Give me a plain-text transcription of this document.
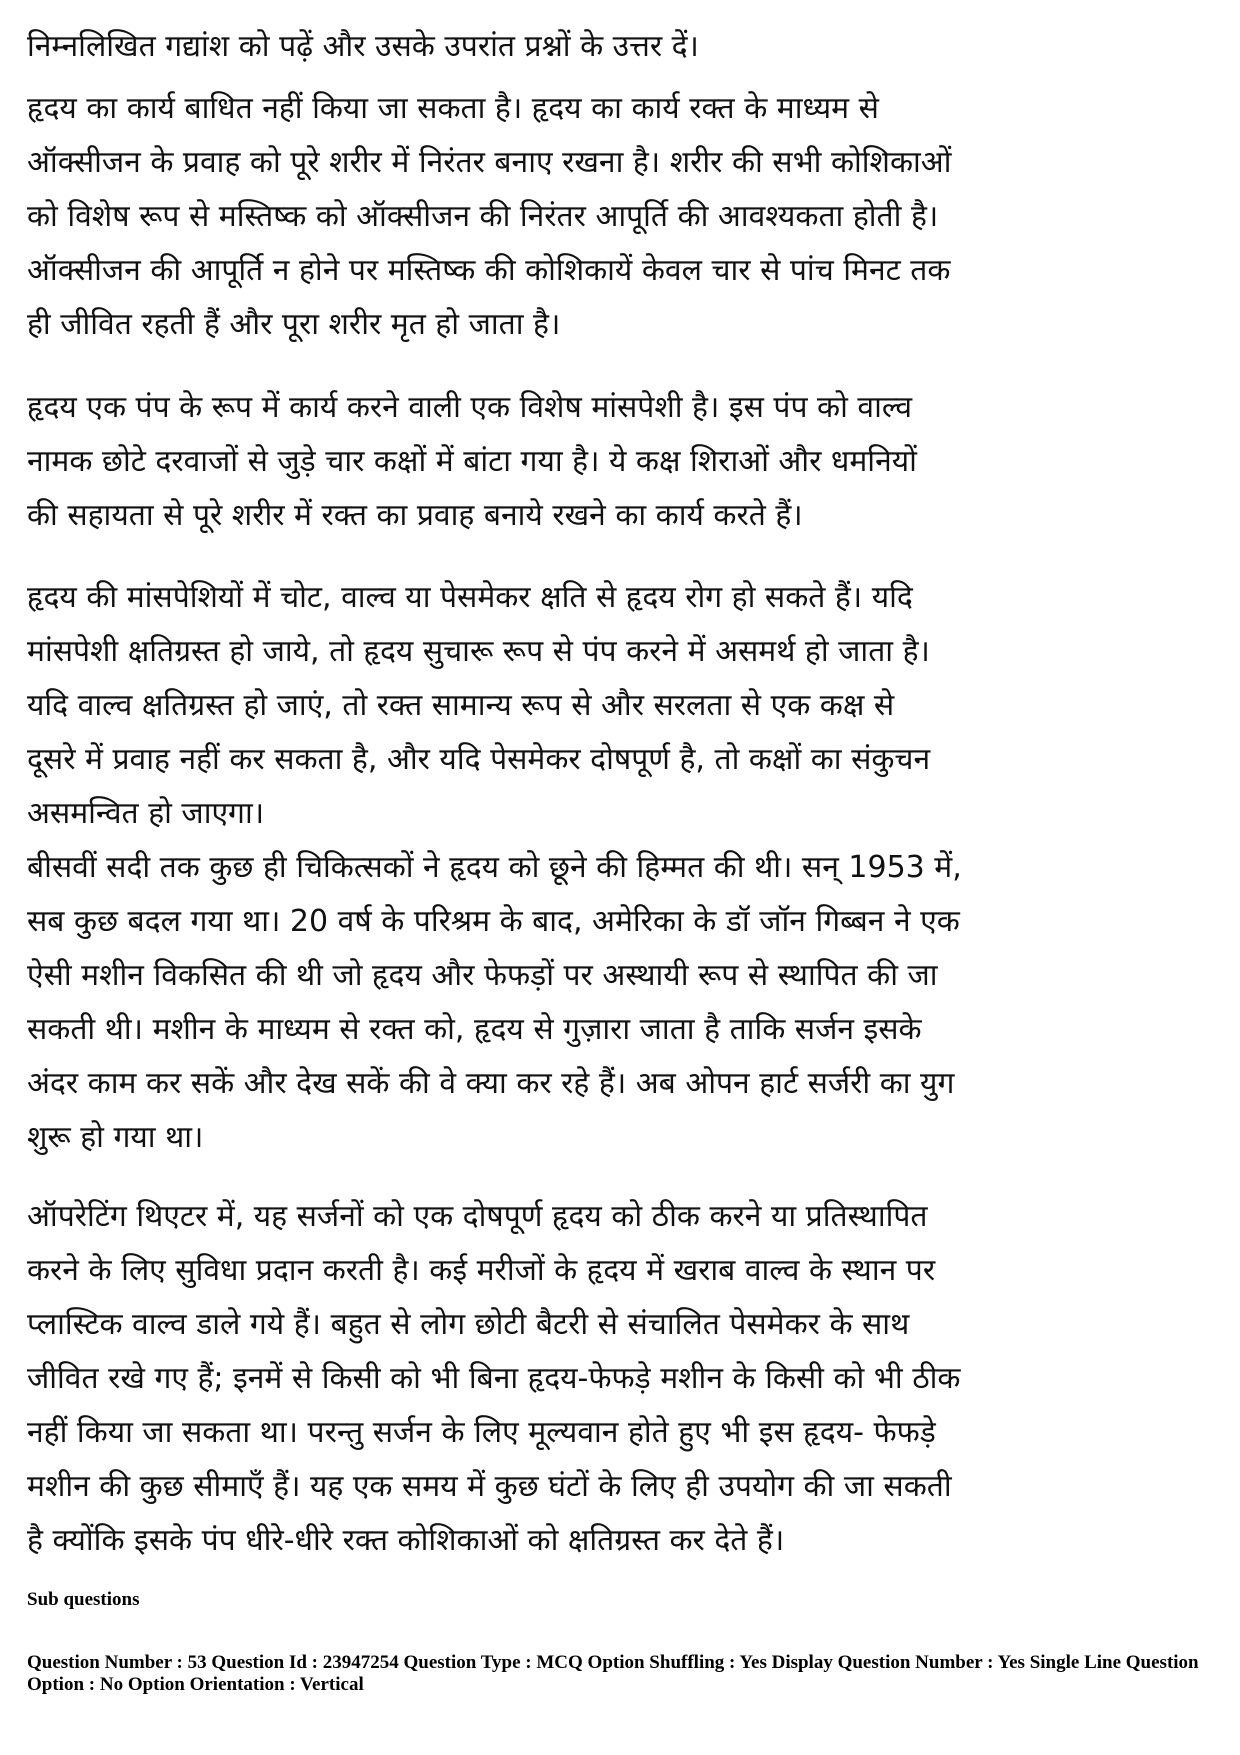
निम्नलिखित गद्यांश को पढ़ें और उसके उपरांत प्रश्नों के उत्तर दें।

हृदय का कार्य बाधित नहीं किया जा सकता है। हृदय का कार्य रक्त के माध्यम से
ऑक्सीजन के प्रवाह को पूरे शरीर में निरंतर बनाए रखना है। शरीर की सभी कोशिकाओं
को विशेष रूप से मस्तिष्क को ऑक्सीजन की निरंतर आपूर्ति की आवश्यकता होती है।
ऑक्सीजन की आपूर्ति न होने पर मस्तिष्क की कोशिकायें केवल चार से पांच मिनट तक
ही जीवित रहती हैं और पूरा शरीर मृत हो जाता है।
हृदय एक पंप के रूप में कार्य करने वाली एक विशेष मांसपेशी है। इस पंप को वाल्व
नामक छोटे दरवाजों से जुड़े चार कक्षों में बांटा गया है। ये कक्ष शिराओं और धमनियों
की सहायता से पूरे शरीर में रक्त का प्रवाह बनाये रखने का कार्य करते हैं।
हृदय की मांसपेशियों में चोट, वाल्व या पेसमेकर क्षति से हृदय रोग हो सकते हैं। यदि
मांसपेशी क्षतिग्रस्त हो जाये, तो हृदय सुचारू रूप से पंप करने में असमर्थ हो जाता है।
यदि वाल्व क्षतिग्रस्त हो जाएं, तो रक्त सामान्य रूप से और सरलता से एक कक्ष से
दूसरे में प्रवाह नहीं कर सकता है, और यदि पेसमेकर दोषपूर्ण है, तो कक्षों का संकुचन
असमन्वित हो जाएगा।
बीसवीं सदी तक कुछ ही चिकित्सकों ने हृदय को छूने की हिम्मत की थी। सन् 1953 में,
सब कुछ बदल गया था। 20 वर्ष के परिश्रम के बाद, अमेरिका के डॉ जॉन गिब्बन ने एक
ऐसी मशीन विकसित की थी जो हृदय और फेफड़ों पर अस्थायी रूप से स्थापित की जा
सकती थी। मशीन के माध्यम से रक्त को, हृदय से गुज़ारा जाता है ताकि सर्जन इसके
अंदर काम कर सकें और देख सकें की वे क्या कर रहे हैं। अब ओपन हार्ट सर्जरी का युग
शुरू हो गया था।
ऑपरेटिंग थिएटर में, यह सर्जनों को एक दोषपूर्ण हृदय को ठीक करने या प्रतिस्थापित
करने के लिए सुविधा प्रदान करती है। कई मरीजों के हृदय में खराब वाल्व के स्थान पर
प्लास्टिक वाल्व डाले गये हैं। बहुत से लोग छोटी बैटरी से संचालित पेसमेकर के साथ
जीवित रखे गए हैं; इनमें से किसी को भी बिना हृदय-फेफड़े मशीन के किसी को भी ठीक
नहीं किया जा सकता था। परन्तु सर्जन के लिए मूल्यवान होते हुए भी इस हृदय- फेफड़े
मशीन की कुछ सीमाएँ हैं। यह एक समय में कुछ घंटों के लिए ही उपयोग की जा सकती
है क्योंकि इसके पंप धीरे-धीरे रक्त कोशिकाओं को क्षतिग्रस्त कर देते हैं।

Sub questions

Question Number : 53 Question Id : 23947254 Question Type : MCQ Option Shuffling : Yes Display Question Number : Yes Single Line Question Option : No Option Orientation : Vertical
